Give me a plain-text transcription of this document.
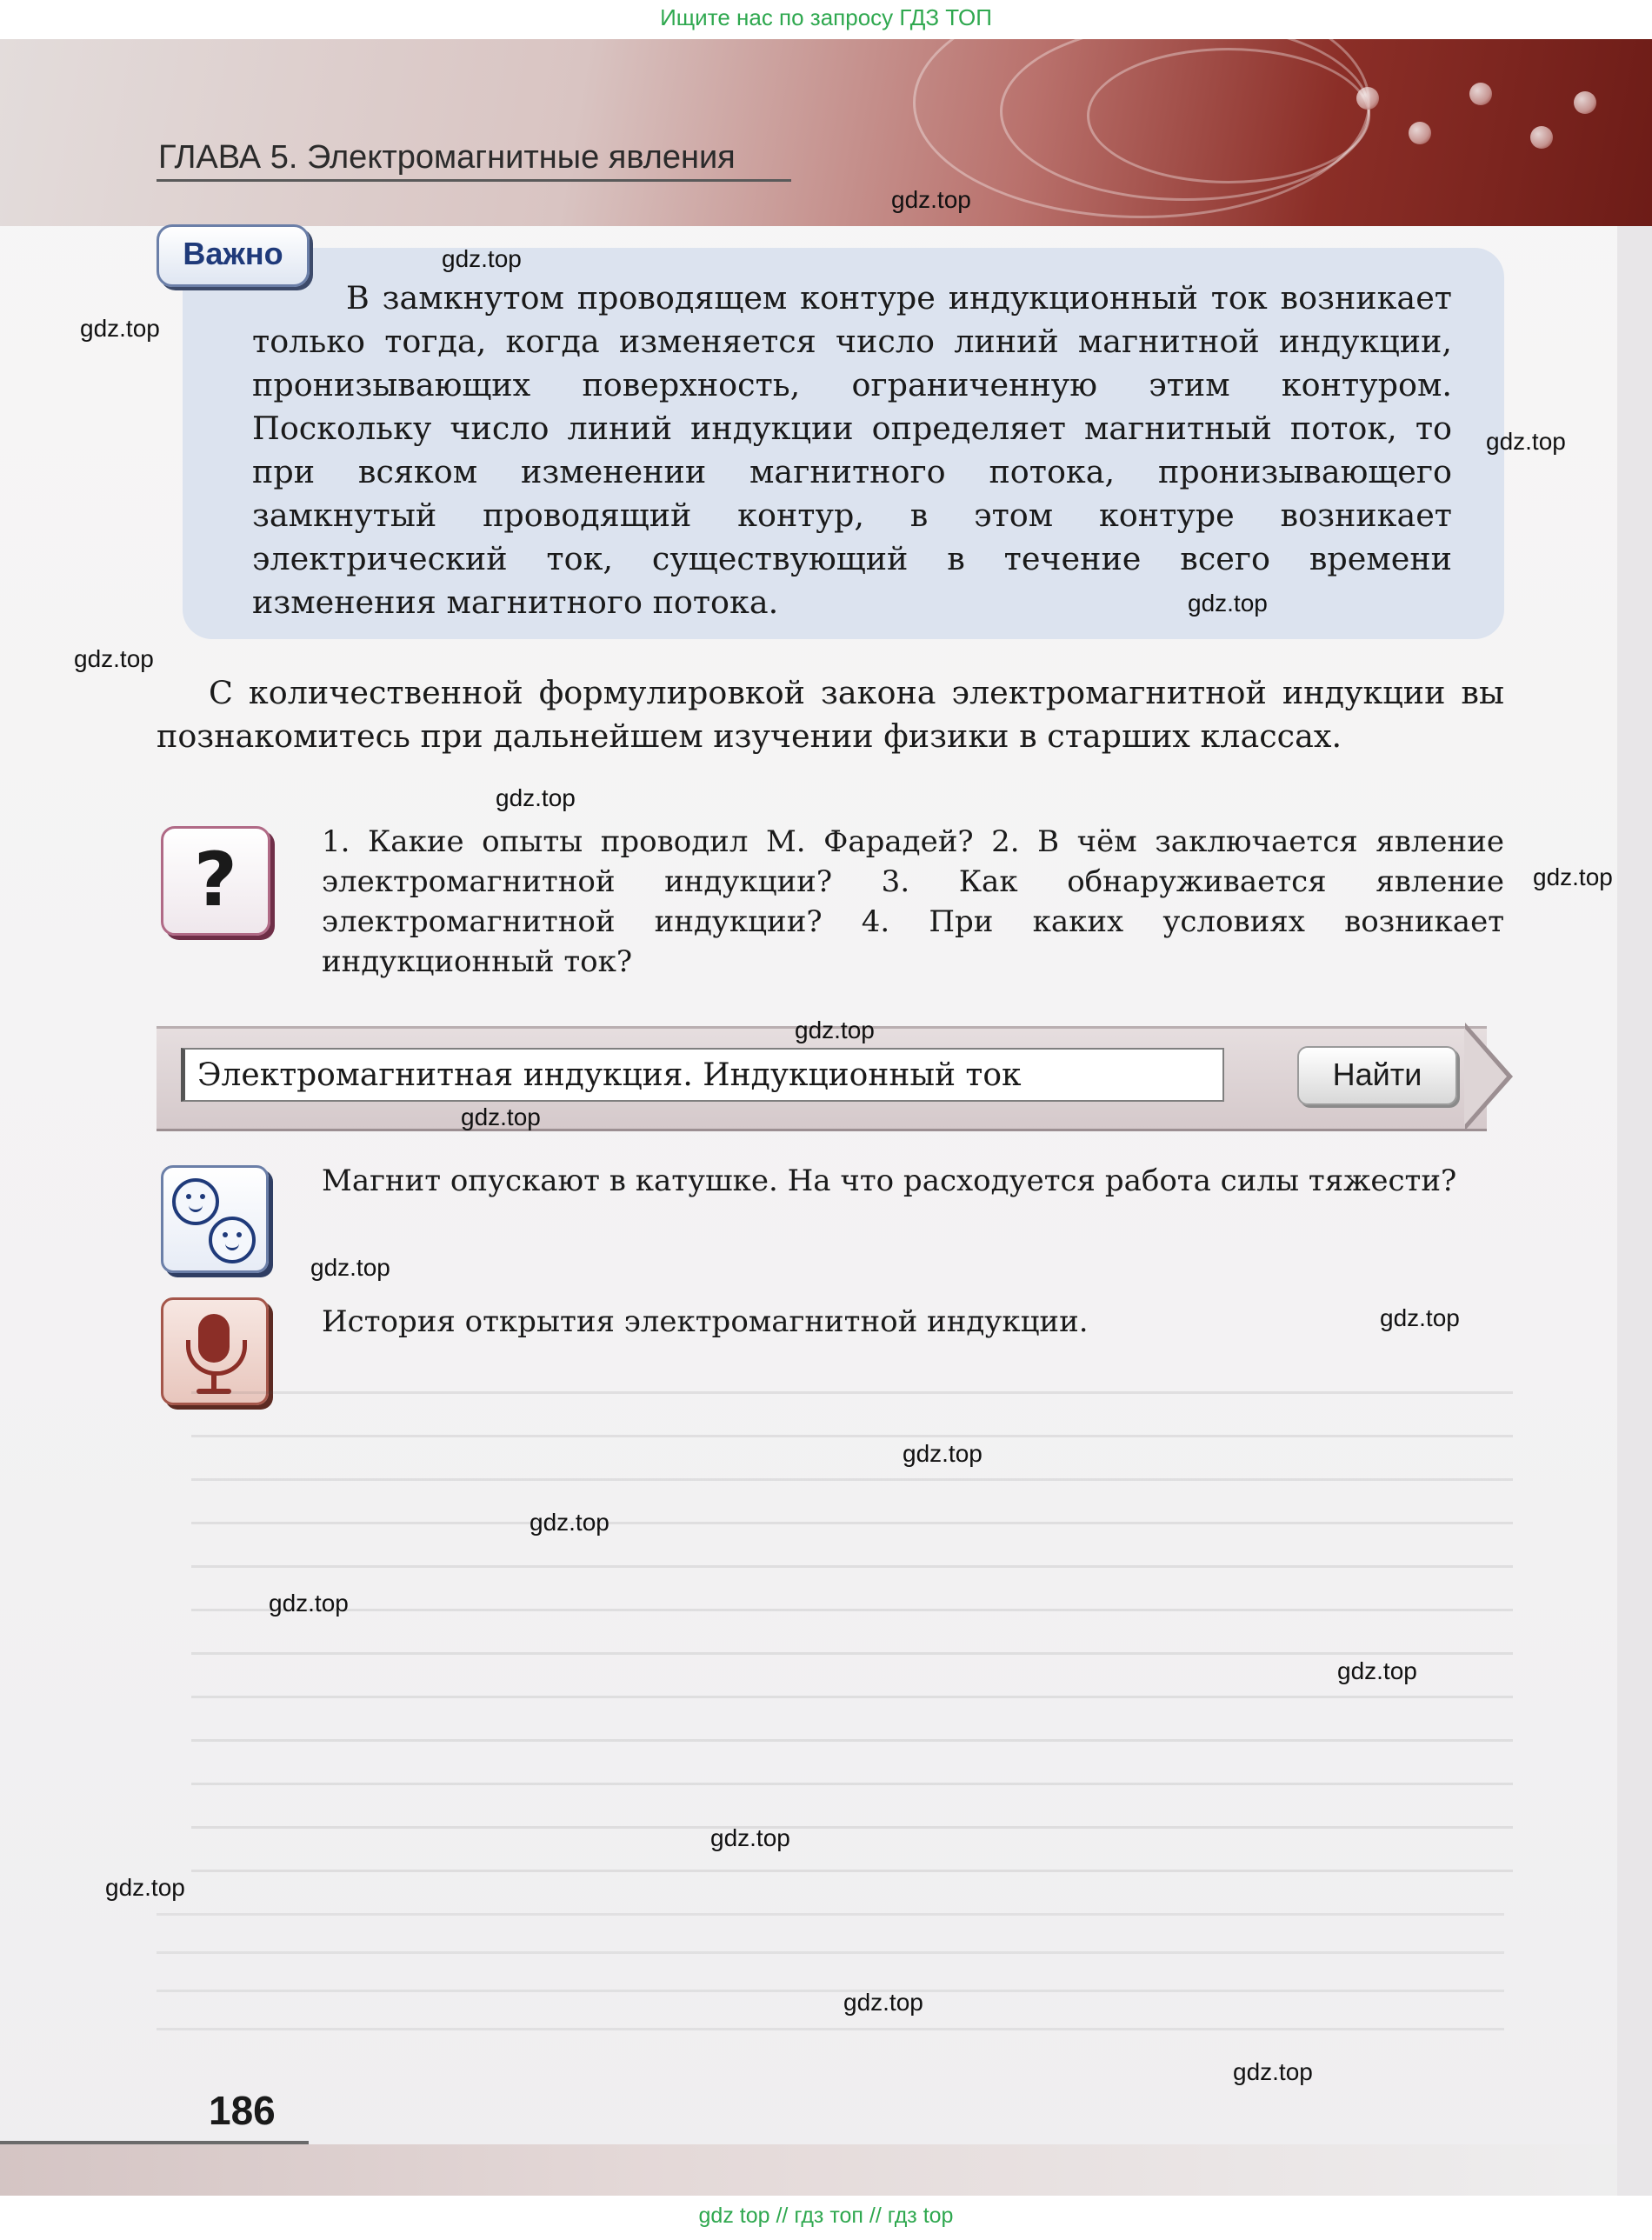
Ищите нас по запросу ГДЗ ТОП
ГЛАВА 5. Электромагнитные явления
Важно
В замкнутом проводящем контуре индукционный ток возникает только тогда, когда изменяется число линий магнитной индукции, пронизывающих поверхность, ограниченную этим контуром. Поскольку число линий индукции определяет магнитный поток, то при всяком изменении магнитного потока, пронизывающего замкнутый проводящий контур, в этом контуре возникает электрический ток, существующий в течение всего времени изменения магнитного потока.
С количественной формулировкой закона электромагнитной индукции вы познакомитесь при дальнейшем изучении физики в старших классах.
?	1. Какие опыты проводил М. Фарадей? 2. В чём заключается явление электромагнитной индукции? 3. Как обнаруживается явление электромагнитной индукции? 4. При каких условиях возникает индукционный ток?
Электромагнитная индукция. Индукционный ток	Найти
Магнит опускают в катушке. На что расходуется работа силы тяжести?
История открытия электромагнитной индукции.
186
gdz.top
gdz.top
gdz.top
gdz.top
gdz.top
gdz.top
gdz.top
gdz.top
gdz.top
gdz.top
gdz.top
gdz.top
gdz.top
gdz.top
gdz.top
gdz.top
gdz.top
gdz.top
gdz.top
gdz.top
gdz top // гдз топ // гдз top
